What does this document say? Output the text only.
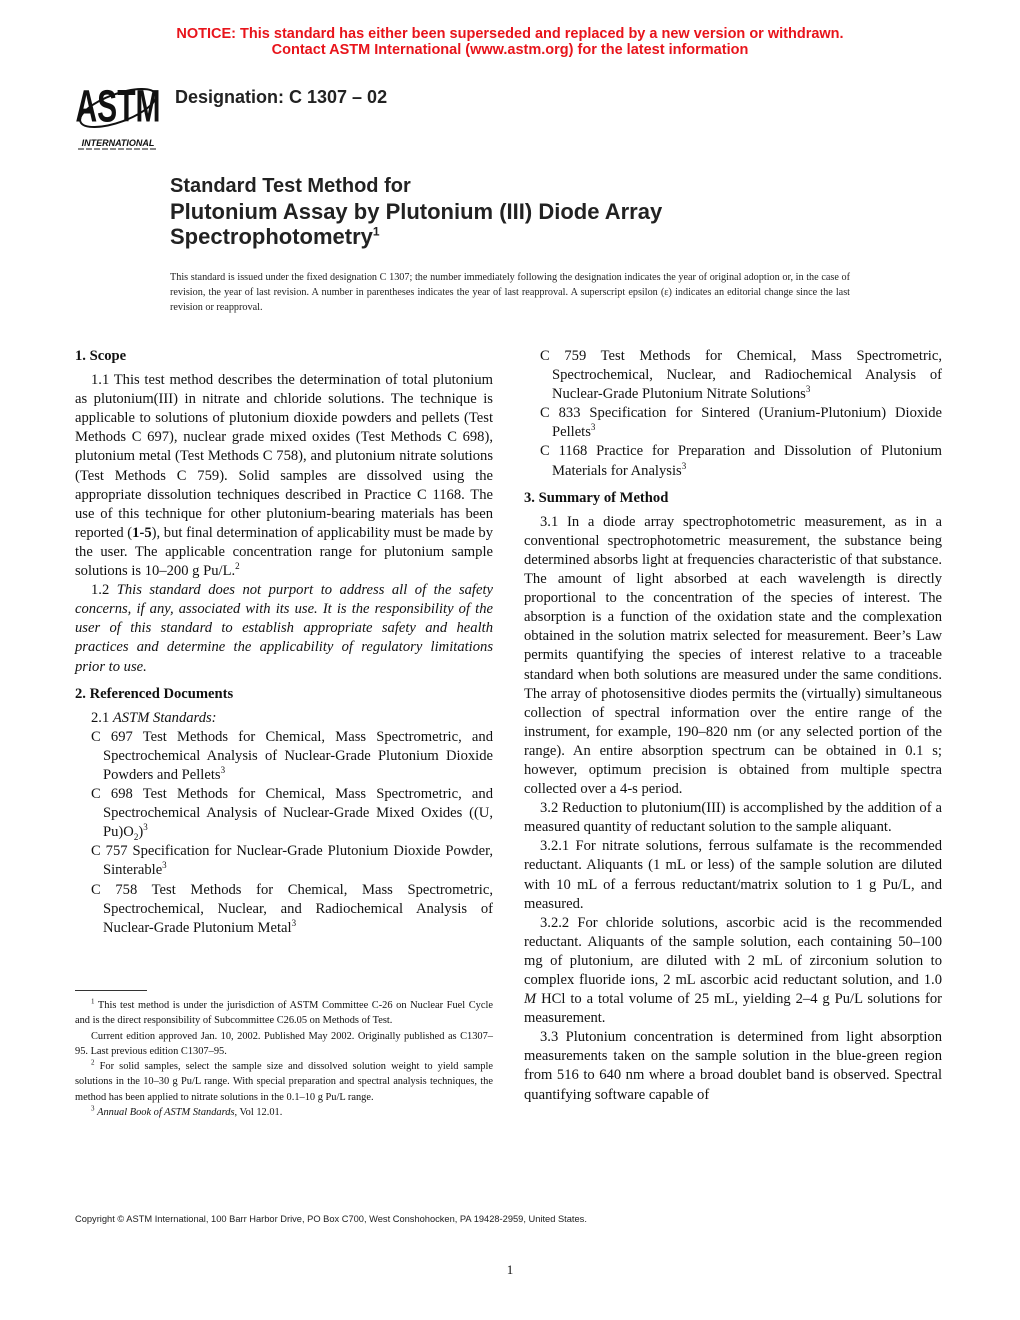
NOTICE: This standard has either been superseded and replaced by a new version or withdrawn.
Contact ASTM International (www.astm.org) for the latest information
ASTM
INTERNATIONAL
Designation: C 1307 – 02
Standard Test Method for
Plutonium Assay by Plutonium (III) Diode Array
Spectrophotometry$^1$
This standard is issued under the fixed designation C 1307; the number immediately following the designation indicates the year of original adoption or, in the case of revision, the year of last revision. A number in parentheses indicates the year of last reapproval. A superscript epsilon (ε) indicates an editorial change since the last revision or reapproval.
1. Scope
1.1 This test method describes the determination of total plutonium as plutonium(III) in nitrate and chloride solutions. The technique is applicable to solutions of plutonium dioxide powders and pellets (Test Methods C 697), nuclear grade mixed oxides (Test Methods C 698), plutonium metal (Test Methods C 758), and plutonium nitrate solutions (Test Methods C 759). Solid samples are dissolved using the appropriate dissolution techniques described in Practice C 1168. The use of this technique for other plutonium-bearing materials has been reported (1-5), but final determination of applicability must be made by the user. The applicable concentration range for plutonium sample solutions is 10–200 g Pu/L.$^2$
1.2 This standard does not purport to address all of the safety concerns, if any, associated with its use. It is the responsibility of the user of this standard to establish appropriate safety and health practices and determine the applicability of regulatory limitations prior to use.
2. Referenced Documents
2.1 ASTM Standards:
C 697 Test Methods for Chemical, Mass Spectrometric, and Spectrochemical Analysis of Nuclear-Grade Plutonium Dioxide Powders and Pellets$^3$
C 698 Test Methods for Chemical, Mass Spectrometric, and Spectrochemical Analysis of Nuclear-Grade Mixed Oxides ((U, $Pu)O_2)^3$
C 757 Specification for Nuclear-Grade Plutonium Dioxide Powder, Sinterable$^3$
C 758 Test Methods for Chemical, Mass Spectrometric, Spectrochemical, Nuclear, and Radiochemical Analysis of Nuclear-Grade Plutonium Metal$^3$
C 759 Test Methods for Chemical, Mass Spectrometric, Spectrochemical, Nuclear, and Radiochemical Analysis of Nuclear-Grade Plutonium Nitrate Solutions$^3$
C 833 Specification for Sintered (Uranium-Plutonium) Dioxide Pellets$^3$
C 1168 Practice for Preparation and Dissolution of Plutonium Materials for Analysis$^3$
3. Summary of Method
3.1 In a diode array spectrophotometric measurement, as in a conventional spectrophotometric measurement, the substance being determined absorbs light at frequencies characteristic of that substance. The amount of light absorbed at each wavelength is directly proportional to the concentration of the species of interest. The absorption is a function of the oxidation state and the complexation obtained in the solution matrix selected for measurement. Beer’s Law permits quantifying the species of interest relative to a traceable standard when both solutions are measured under the same conditions. The array of photosensitive diodes permits the (virtually) simultaneous collection of spectral information over the entire range of the instrument, for example, 190–820 nm (or any selected portion of the range). An entire absorption spectrum can be obtained in 0.1 s; however, optimum precision is obtained from multiple spectra collected over a 4-s period.
3.2 Reduction to plutonium(III) is accomplished by the addition of a measured quantity of reductant solution to the sample aliquant.
3.2.1 For nitrate solutions, ferrous sulfamate is the recommended reductant. Aliquants (1 mL or less) of the sample solution are diluted with 10 mL of a ferrous reductant/matrix solution to 1 g Pu/L, and measured.
3.2.2 For chloride solutions, ascorbic acid is the recommended reductant. Aliquants of the sample solution, each containing 50–100 mg of plutonium, are diluted with 2 mL of zirconium solution to complex fluoride ions, 2 mL ascorbic acid reductant solution, and 1.0 M HCl to a total volume of 25 mL, yielding 2–4 g Pu/L solutions for measurement.
3.3 Plutonium concentration is determined from light absorption measurements taken on the sample solution in the blue-green region from 516 to 640 nm where a broad doublet band is observed. Spectral quantifying software capable of
$^1$ This test method is under the jurisdiction of ASTM Committee C-26 on Nuclear Fuel Cycle and is the direct responsibility of Subcommittee C26.05 on Methods of Test.
Current edition approved Jan. 10, 2002. Published May 2002. Originally published as C1307–95. Last previous edition C1307–95.
$^2$ For solid samples, select the sample size and dissolved solution weight to yield sample solutions in the 10–30 g Pu/L range. With special preparation and spectral analysis techniques, the method has been applied to nitrate solutions in the 0.1–10 g Pu/L range.
$^3$ Annual Book of ASTM Standards, Vol 12.01.
Copyright © ASTM International, 100 Barr Harbor Drive, PO Box C700, West Conshohocken, PA 19428-2959, United States.
1
